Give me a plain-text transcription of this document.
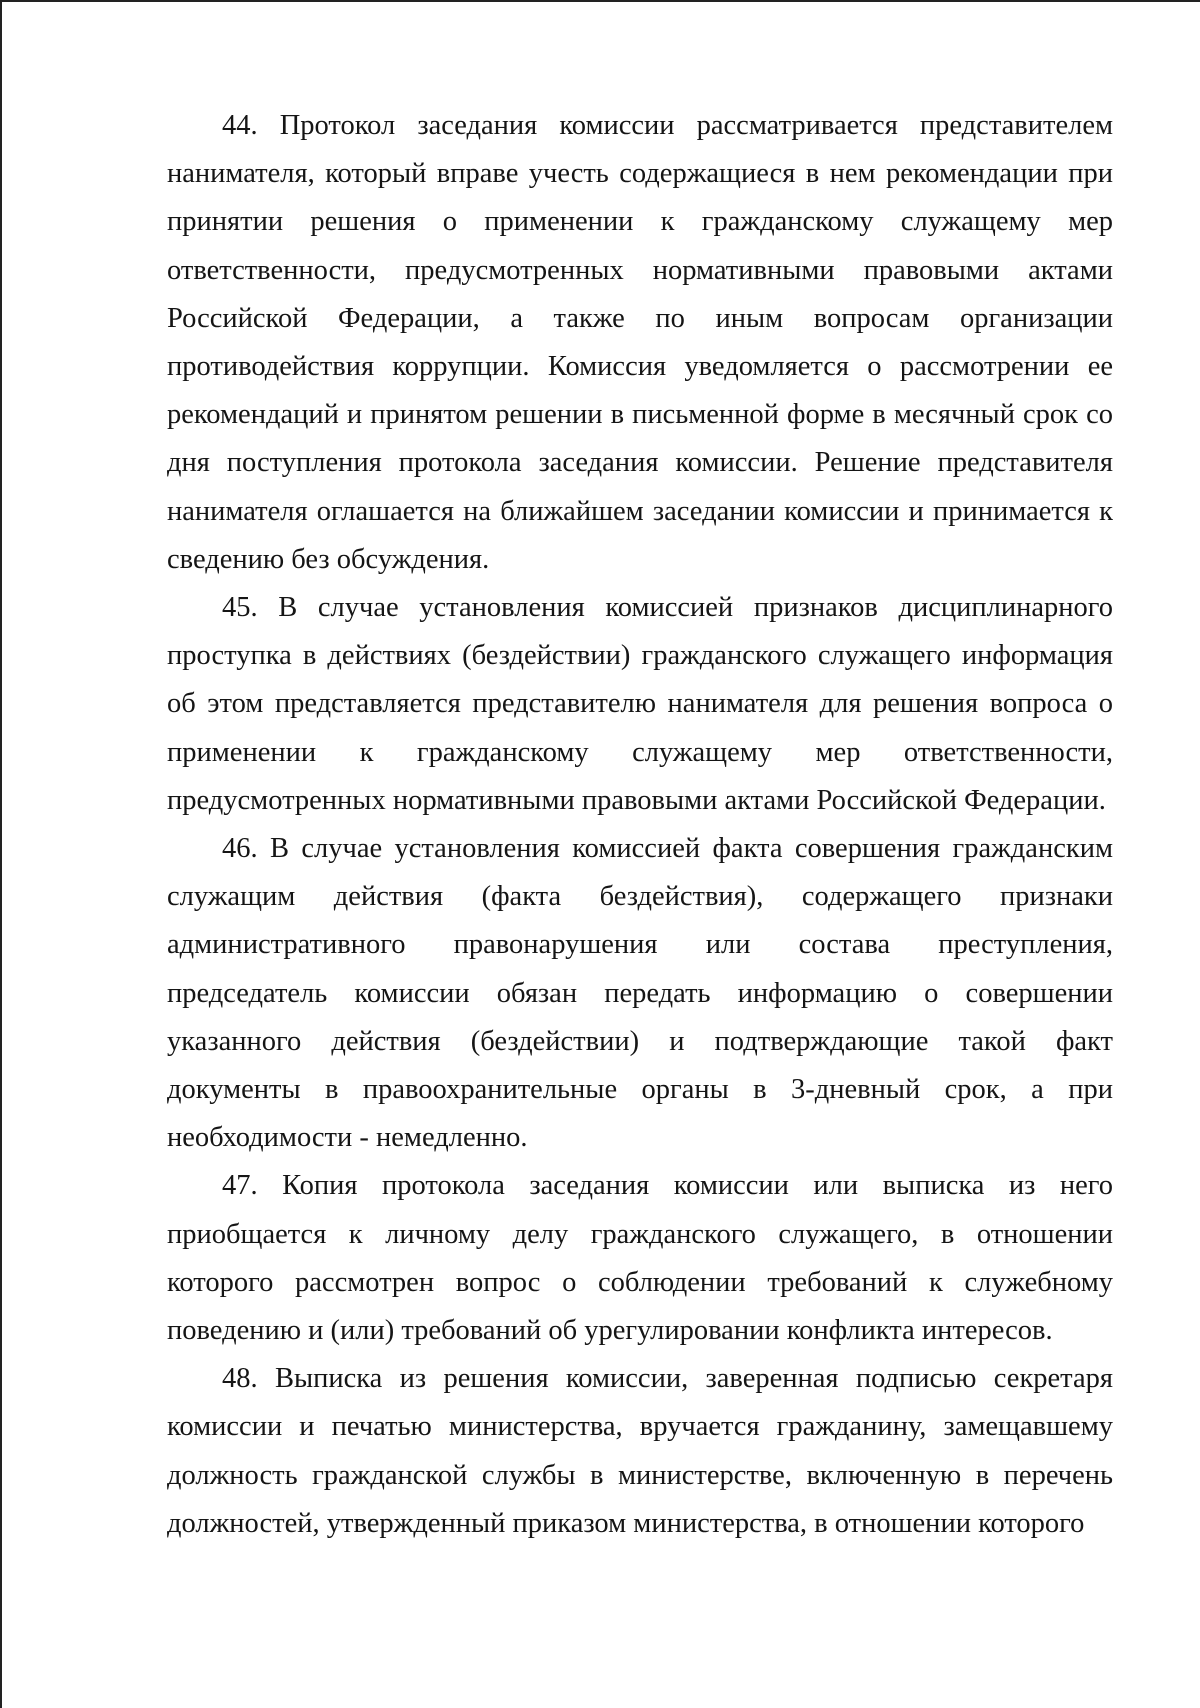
44. Протокол заседания комиссии рассматривается представителем нанимателя, который вправе учесть содержащиеся в нем рекомендации при принятии решения о применении к гражданскому служащему мер ответственности, предусмотренных нормативными правовыми актами Российской Федерации, а также по иным вопросам организации противодействия коррупции. Комиссия уведомляется о рассмотрении ее рекомендаций и принятом решении в письменной форме в месячный срок со дня поступления протокола заседания комиссии. Решение представителя нанимателя оглашается на ближайшем заседании комиссии и принимается к сведению без обсуждения.

45. В случае установления комиссией признаков дисциплинарного проступка в действиях (бездействии) гражданского служащего информация об этом представляется представителю нанимателя для решения вопроса о применении к гражданскому служащему мер ответственности, предусмотренных нормативными правовыми актами Российской Федерации.

46. В случае установления комиссией факта совершения гражданским служащим действия (факта бездействия), содержащего признаки административного правонарушения или состава преступления, председатель комиссии обязан передать информацию о совершении указанного действия (бездействии) и подтверждающие такой факт документы в правоохранительные органы в 3-дневный срок, а при необходимости - немедленно.

47. Копия протокола заседания комиссии или выписка из него приобщается к личному делу гражданского служащего, в отношении которого рассмотрен вопрос о соблюдении требований к служебному поведению и (или) требований об урегулировании конфликта интересов.

48. Выписка из решения комиссии, заверенная подписью секретаря комиссии и печатью министерства, вручается гражданину, замещавшему должность гражданской службы в министерстве, включенную в перечень должностей, утвержденный приказом министерства, в отношении которого
